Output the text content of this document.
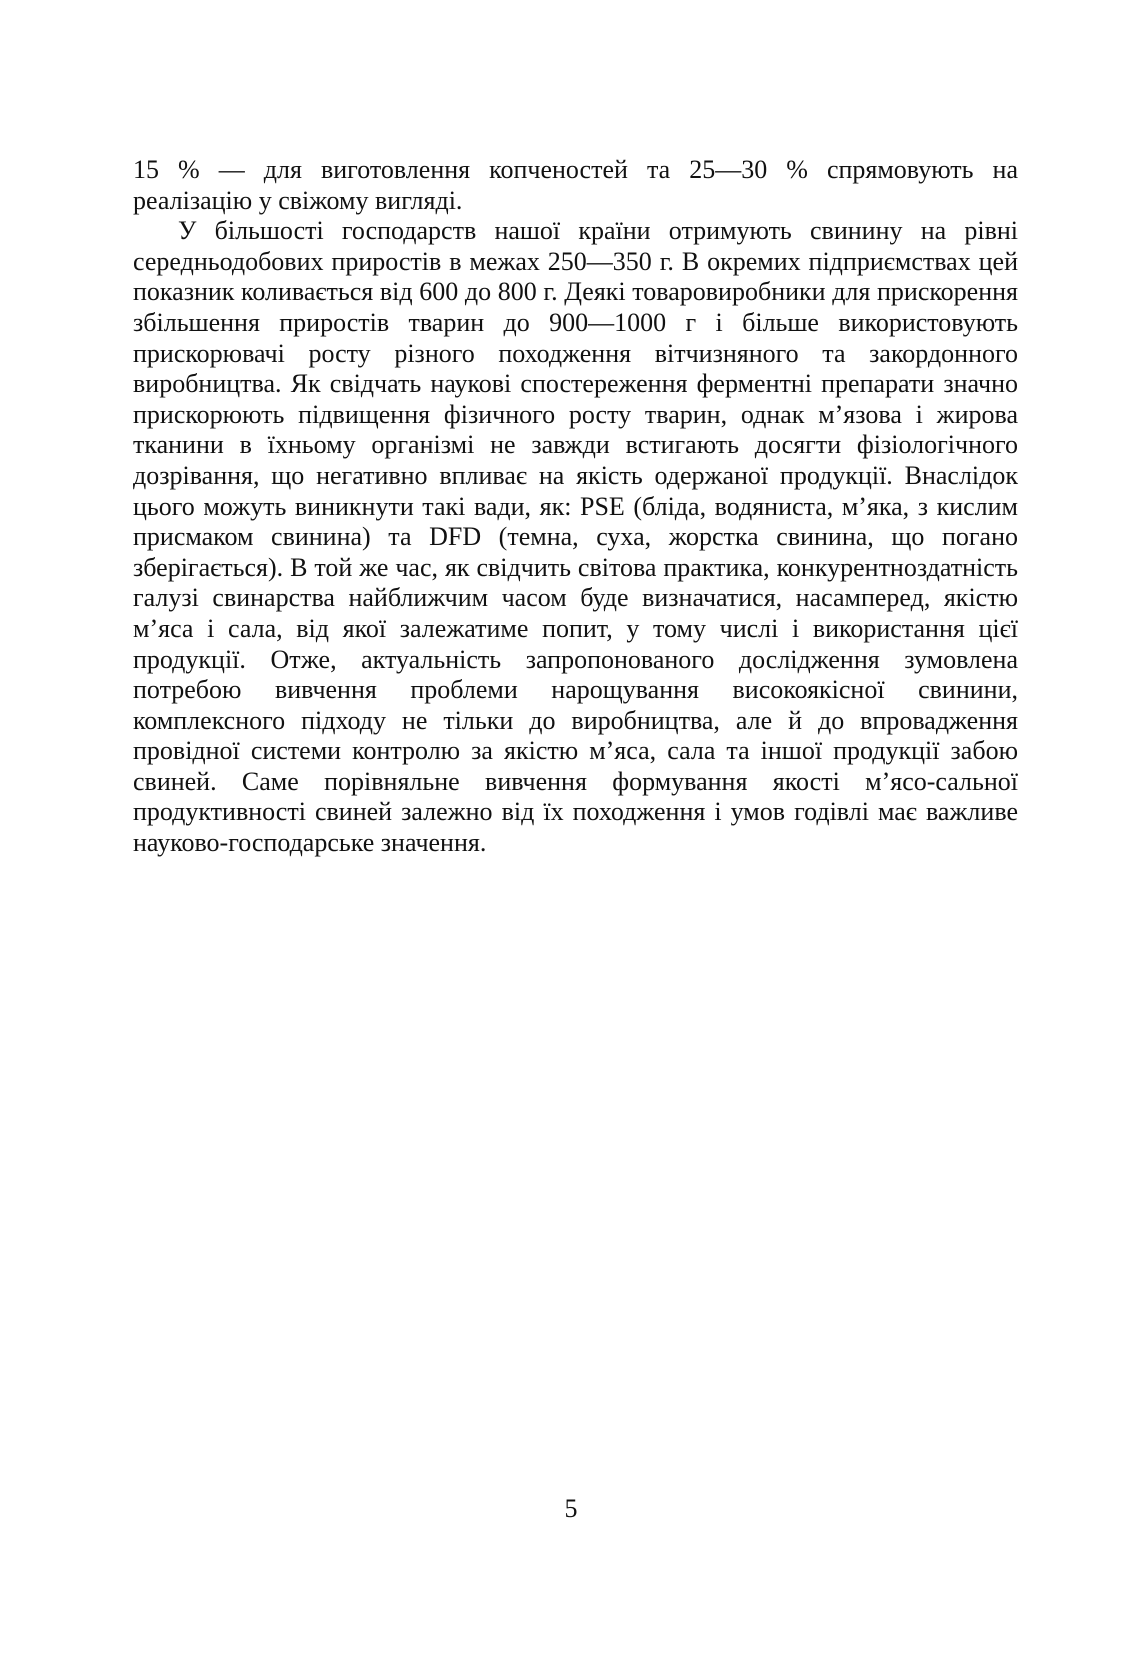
15 % — для виготовлення копченостей та 25—30 % спрямовують на реалізацію у свіжому вигляді.

У більшості господарств нашої країни отримують свинину на рівні середньодобових приростів в межах 250—350 г. В окремих підприємствах цей показник коливається від 600 до 800 г. Деякі товаровиробники для прискорення збільшення приростів тварин до 900—1000 г і більше використовують прискорювачі росту різного походження вітчизняного та закордонного виробництва. Як свідчать наукові спостереження ферментні препарати значно прискорюють підвищення фізичного росту тварин, однак м’язова і жирова тканини в їхньому організмі не завжди встигають досягти фізіологічного дозрівання, що негативно впливає на якість одержаної продукції. Внаслідок цього можуть виникнути такі вади, як: PSE (бліда, водяниста, м’яка, з кислим присмаком свинина) та DFD (темна, суха, жорстка свинина, що погано зберігається). В той же час, як свідчить світова практика, конкурентноздатність галузі свинарства найближчим часом буде визначатися, насамперед, якістю м’яса і сала, від якої залежатиме попит, у тому числі і використання цієї продукції. Отже, актуальність запропонованого дослідження зумовлена потребою вивчення проблеми нарощування високоякісної свинини, комплексного підходу не тільки до виробництва, але й до впровадження провідної системи контролю за якістю м’яса, сала та іншої продукції забою свиней. Саме порівняльне вивчення формування якості м’ясо-сальної продуктивності свиней залежно від їх походження і умов годівлі має важливе науково-господарське значення.

5
